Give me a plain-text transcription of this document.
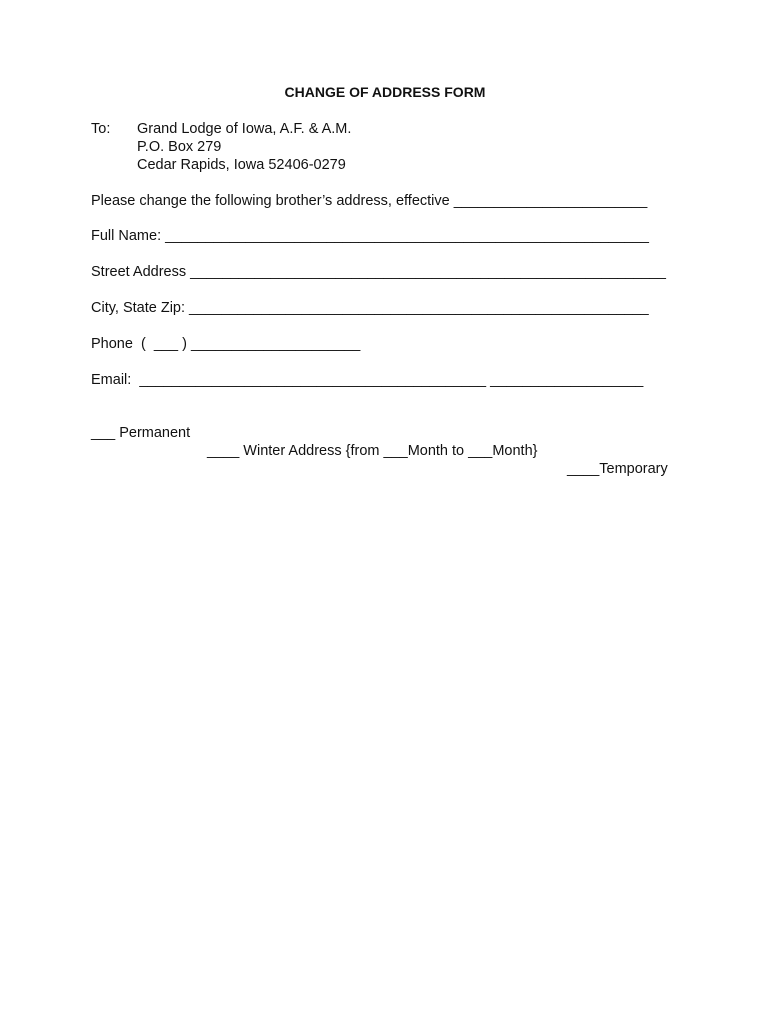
CHANGE OF ADDRESS FORM
To: Grand Lodge of Iowa, A.F. & A.M.
P.O. Box 279
Cedar Rapids, Iowa 52406-0279
Please change the following brother’s address, effective ________________________
Full Name: ____________________________________________________________
Street Address ___________________________________________________________
City, State Zip: _________________________________________________________
Phone  (  ___ ) _____________________
Email:  ___________________________________________ ___________________

___ Permanent

____ Winter Address {from ___Month to ___Month}

____Temporary
